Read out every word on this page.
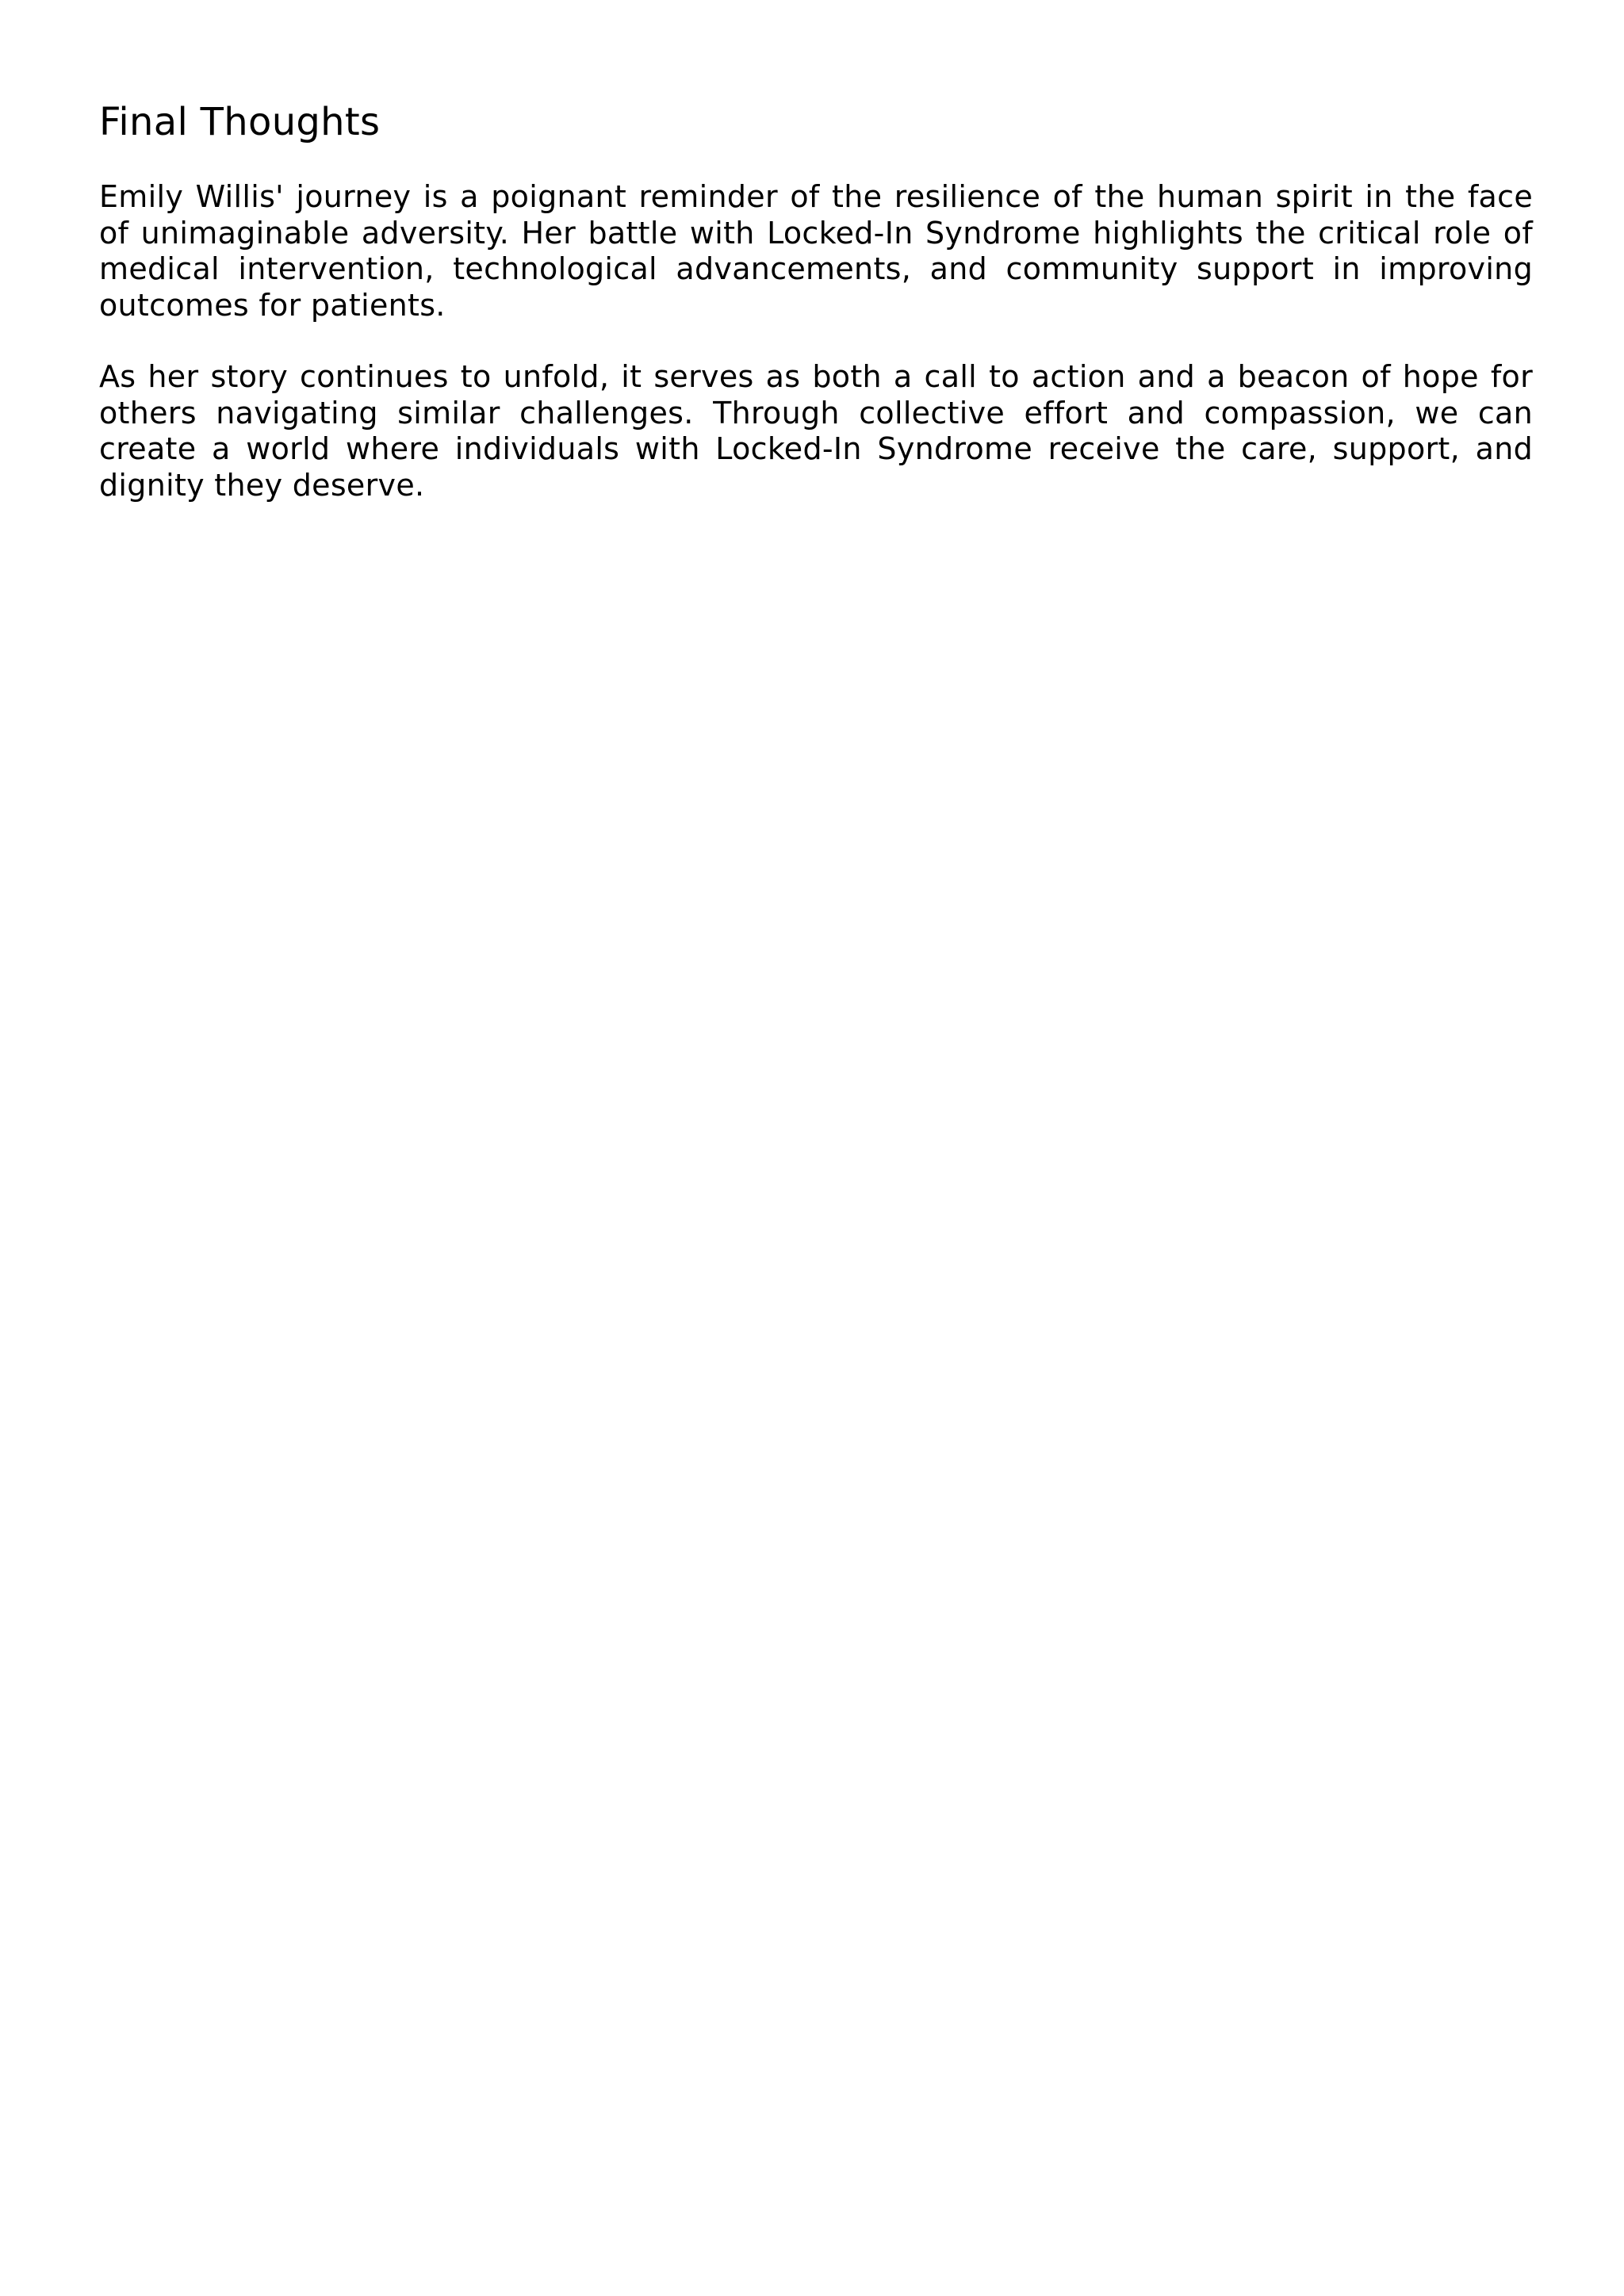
Final Thoughts

Emily Willis' journey is a poignant reminder of the resilience of the human spirit in the face of unimaginable adversity. Her battle with Locked-In Syndrome highlights the critical role of medical intervention, technological advancements, and community support in improving outcomes for patients.

As her story continues to unfold, it serves as both a call to action and a beacon of hope for others navigating similar challenges. Through collective effort and compassion, we can create a world where individuals with Locked-In Syndrome receive the care, support, and dignity they deserve.
